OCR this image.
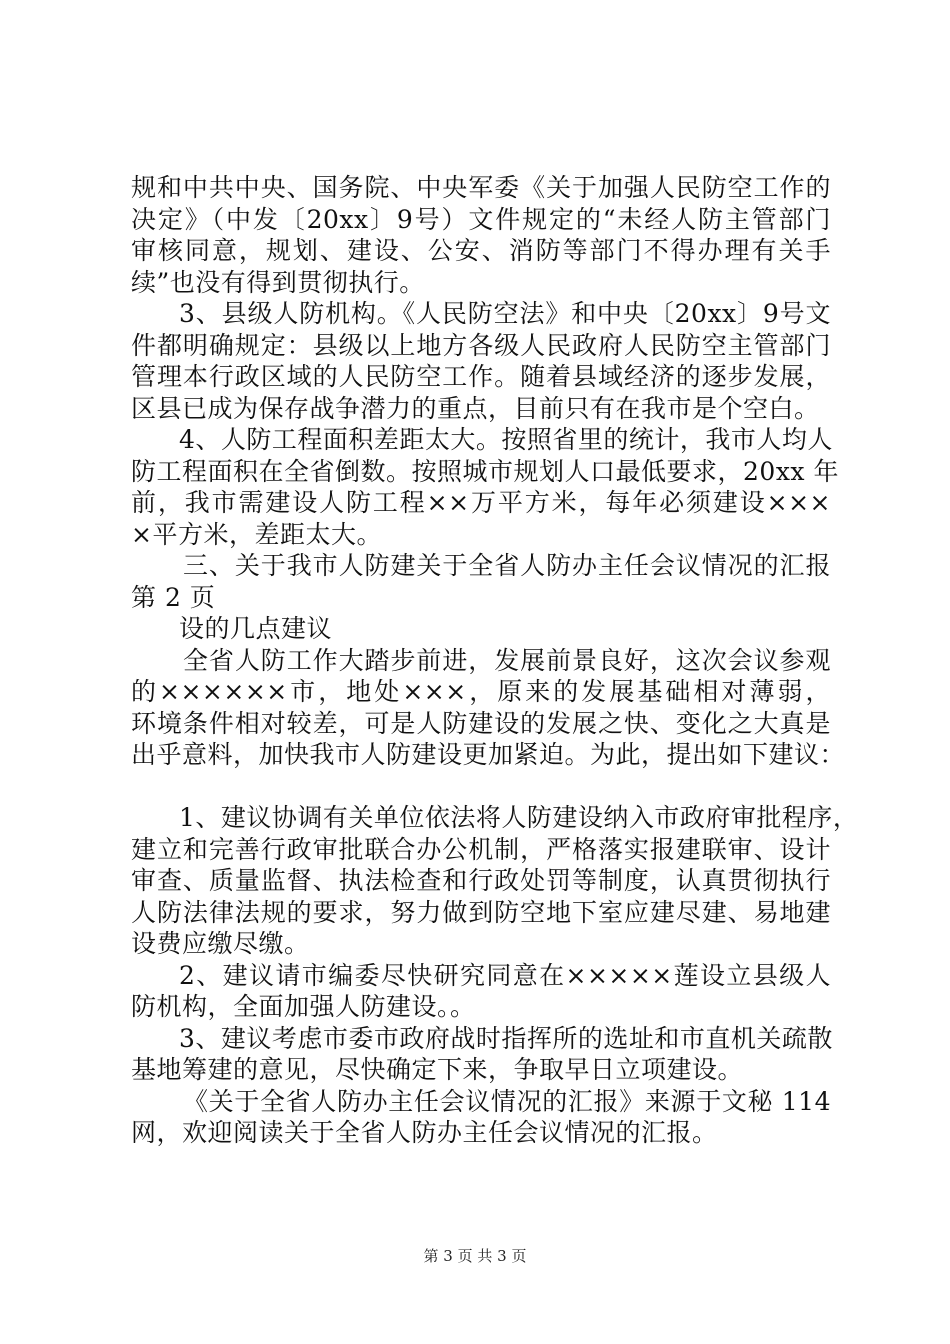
规和中共中央、国务院、中央军委《关于加强人民防空工作的
决定》（中发〔20xx〕9号）文件规定的“未经人防主管部门
审核同意，规划、建设、公安、消防等部门不得办理有关手
续”也没有得到贯彻执行。
3、县级人防机构。《人民防空法》和中央〔20xx〕9号文
件都明确规定：县级以上地方各级人民政府人民防空主管部门
管理本行政区域的人民防空工作。随着县域经济的逐步发展，
区县已成为保存战争潜力的重点，目前只有在我市是个空白。
4、人防工程面积差距太大。按照省里的统计，我市人均人
防工程面积在全省倒数。按照城市规划人口最低要求，20xx 年
前，我市需建设人防工程××万平方米，每年必须建设×××
×平方米，差距太大。
三、关于我市人防建关于全省人防办主任会议情况的汇报
第 2 页
设的几点建议
全省人防工作大踏步前进，发展前景良好，这次会议参观
的××××××市，地处×××，原来的发展基础相对薄弱，
环境条件相对较差，可是人防建设的发展之快、变化之大真是
出乎意料，加快我市人防建设更加紧迫。为此，提出如下建议：
1、建议协调有关单位依法将人防建设纳入市政府审批程序，
建立和完善行政审批联合办公机制，严格落实报建联审、设计
审查、质量监督、执法检查和行政处罚等制度，认真贯彻执行
人防法律法规的要求，努力做到防空地下室应建尽建、易地建
设费应缴尽缴。
2、建议请市编委尽快研究同意在×××××莲设立县级人
防机构，全面加强人防建设。。
3、建议考虑市委市政府战时指挥所的选址和市直机关疏散
基地筹建的意见，尽快确定下来，争取早日立项建设。
《关于全省人防办主任会议情况的汇报》来源于文秘 114
网，欢迎阅读关于全省人防办主任会议情况的汇报。
第 3 页 共 3 页
